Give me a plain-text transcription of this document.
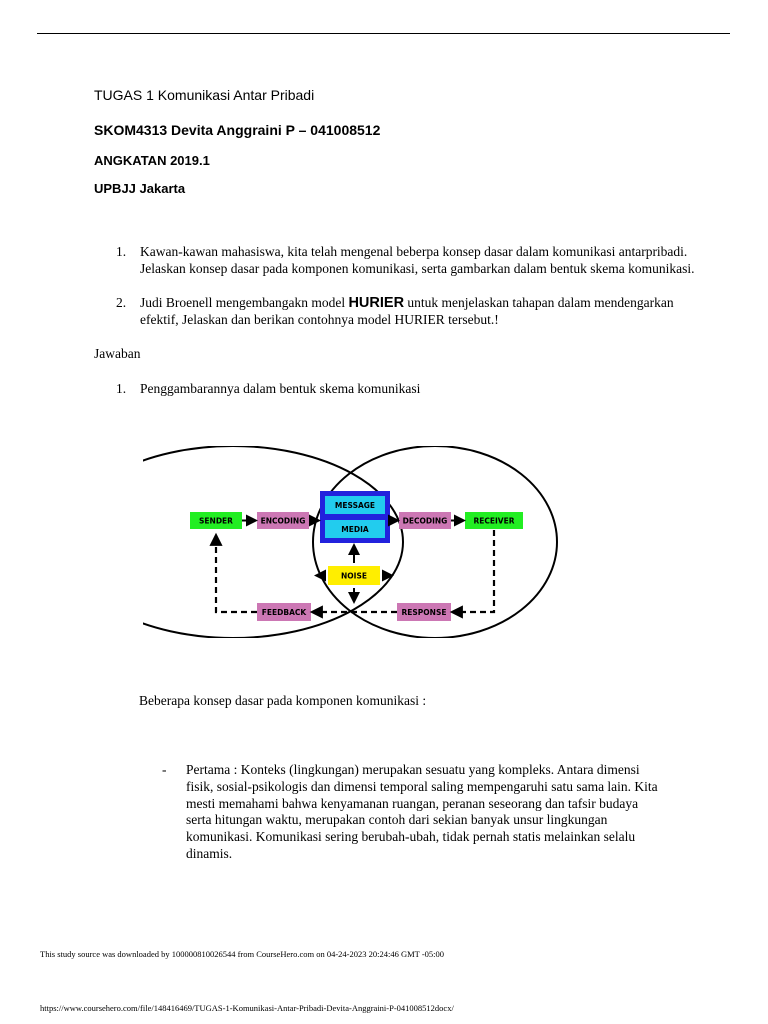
TUGAS 1 Komunikasi Antar Pribadi
SKOM4313 Devita Anggraini P – 041008512
ANGKATAN 2019.1
UPBJJ Jakarta
1. Kawan-kawan mahasiswa, kita telah mengenal beberpa konsep dasar dalam komunikasi antarpribadi. Jelaskan konsep dasar pada komponen komunikasi, serta gambarkan dalam bentuk skema komunikasi.
2. Judi Broenell mengembangakn model HURIER untuk menjelaskan tahapan dalam mendengarkan efektif, Jelaskan dan berikan contohnya model HURIER tersebut.!
Jawaban
1. Penggambarannya dalam bentuk skema komunikasi
SENDER	ENCODING
MESSAGE
MEDIA
DECODING	RECEIVER
NOISE
FEEDBACK	RESPONSE
Beberapa konsep dasar pada komponen komunikasi :
- Pertama : Konteks (lingkungan) merupakan sesuatu yang kompleks. Antara dimensi fisik, sosial-psikologis dan dimensi temporal saling mempengaruhi satu sama lain. Kita mesti memahami bahwa kenyamanan ruangan, peranan seseorang dan tafsir budaya serta hitungan waktu, merupakan contoh dari sekian banyak unsur lingkungan komunikasi. Komunikasi sering berubah-ubah, tidak pernah statis melainkan selalu dinamis.
This study source was downloaded by 100000810026544 from CourseHero.com on 04-24-2023 20:24:46 GMT -05:00
https://www.coursehero.com/file/148416469/TUGAS-1-Komunikasi-Antar-Pribadi-Devita-Anggraini-P-041008512docx/
